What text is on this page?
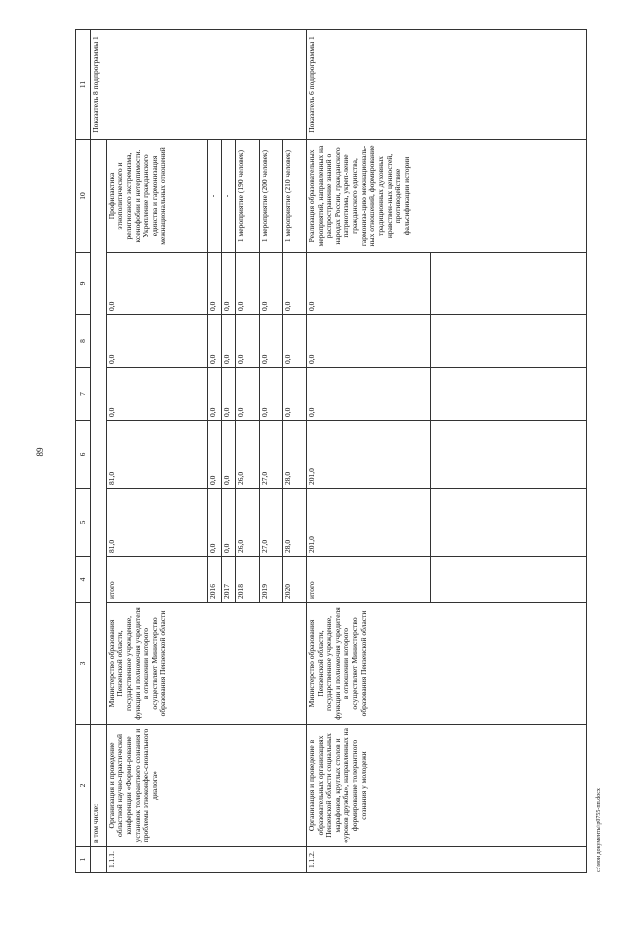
89
1	2	3	4	5	6	7	8	9	10	11
	в том числе:									Показатель 8 подпрограммы 1
1.1.1.	Организация и проведение областной научно-практической конференции «Форми-рование установок толерантного сознания и проблемы этноконфес-сионального диалога»	Министерство образования Пензенской области, государственное учреждение, функции и полномочия учредителя в отношении которого осуществляет Министерство образования Пензенской области	итого	81,0	81,0	0,0	0,0	0,0	Профилактика этнополитического и религиозного экстремизма, ксенофобии и нетерпимости. Укрепление гражданского единства и гармонизация межнациональных отношений	
			2016	0,0	0,0	0,0	0,0	0,0	-	
			2017	0,0	0,0	0,0	0,0	0,0	-	
			2018	26,0	26,0	0,0	0,0	0,0	1 мероприятие (190 человек)	
			2019	27,0	27,0	0,0	0,0	0,0	1 мероприятие (200 человек)	
			2020	28,0	28,0	0,0	0,0	0,0	1 мероприятие (210 человек)	
1.1.2.	Организация и проведение в образовательных организациях Пензенской области социальных марафонов, круглых столов и «уроков дружбы», направленных на формирование толерантного сознания у молодежи	Министерство образования Пензенской области, государственное учреждение, функции и полномочия учредителя в отношении которого осуществляет Министерство образования Пензенской области	итого	201,0	201,0	0,0	0,0	0,0	Реализация образовательных мероприятий, направленных на распространение знаний о народах России, гражданского патриотизма, укреп-ление гражданского единства, гармониза-цию межнациональ-ных отношений, формирование традиционных духовных нравствен-ных ценностей, противодействие фальсификации истории	Показатель 6 подпрограммы 1

c:\мои документы\p0755-пп.docx
